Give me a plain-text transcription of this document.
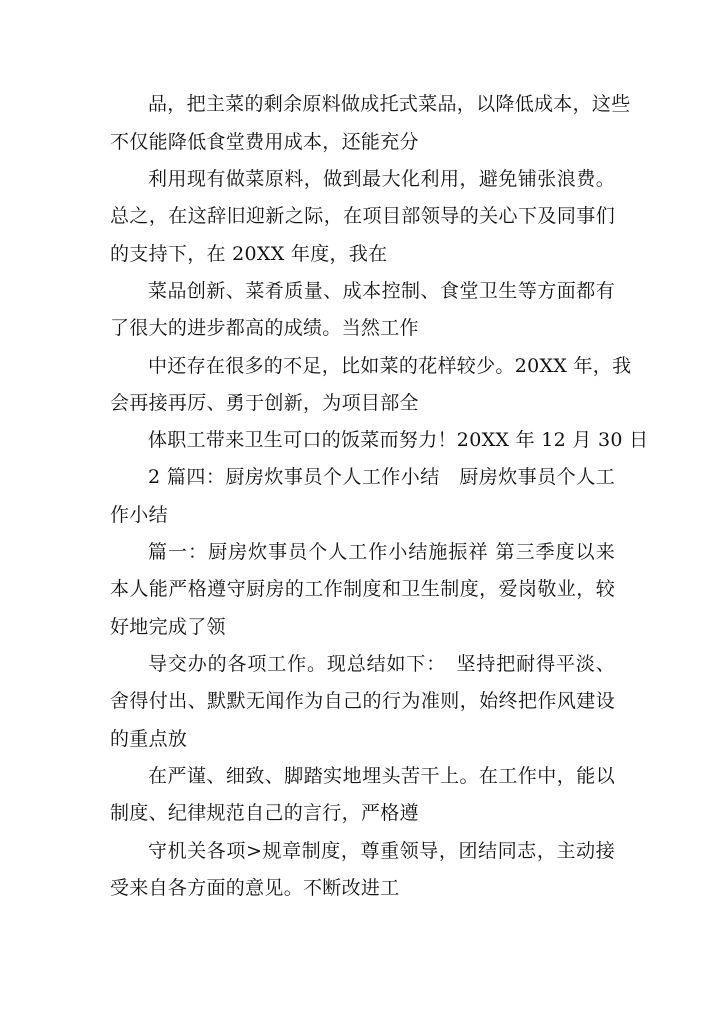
品，把主菜的剩余原料做成托式菜品，以降低成本，这些
不仅能降低食堂费用成本，还能充分
利用现有做菜原料，做到最大化利用，避免铺张浪费。
总之，在这辞旧迎新之际，在项目部领导的关心下及同事们
的支持下，在 20XX 年度，我在
菜品创新、菜肴质量、成本控制、食堂卫生等方面都有
了很大的进步都高的成绩。当然工作
中还存在很多的不足，比如菜的花样较少。20XX 年，我
会再接再厉、勇于创新，为项目部全
体职工带来卫生可口的饭菜而努力！20XX 年 12 月 30 日
2 篇四：厨房炊事员个人工作小结　厨房炊事员个人工
作小结
篇一：厨房炊事员个人工作小结施振祥 第三季度以来
本人能严格遵守厨房的工作制度和卫生制度，爱岗敬业，较
好地完成了领
导交办的各项工作。现总结如下：　坚持把耐得平淡、
舍得付出、默默无闻作为自己的行为准则，始终把作风建设
的重点放
在严谨、细致、脚踏实地埋头苦干上。在工作中，能以
制度、纪律规范自己的言行，严格遵
守机关各项>规章制度，尊重领导，团结同志，主动接
受来自各方面的意见。不断改进工
